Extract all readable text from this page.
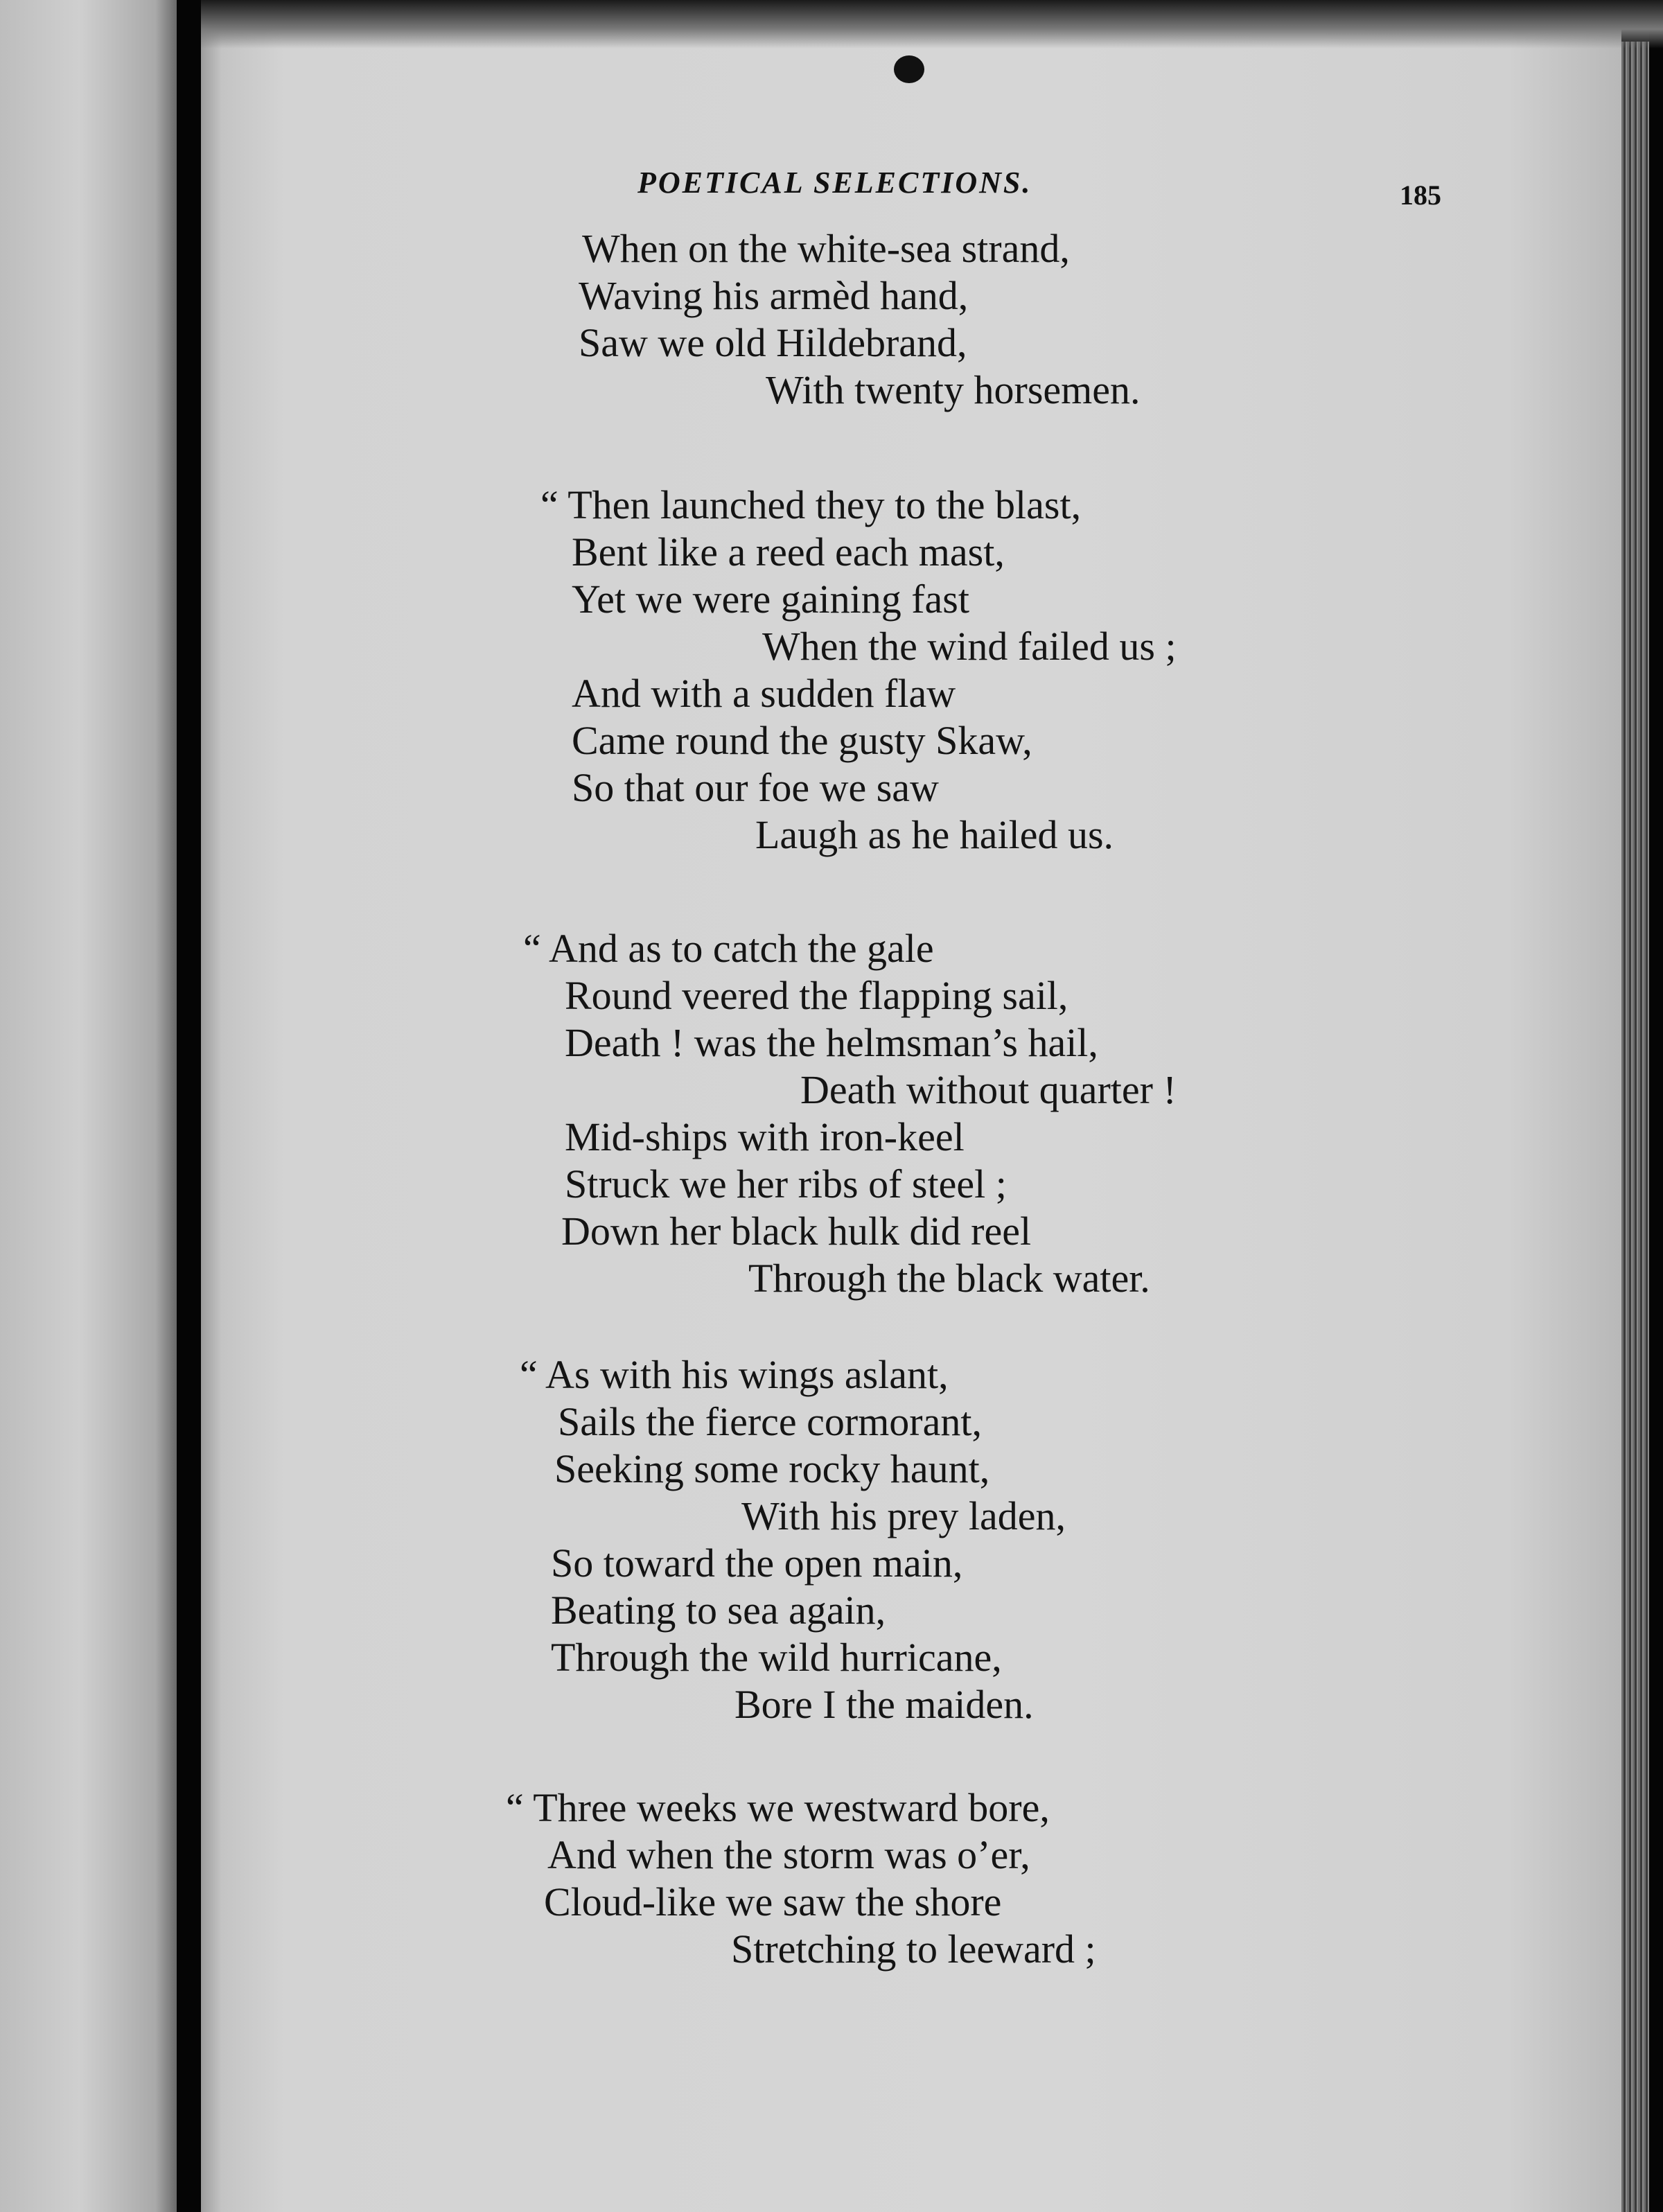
POETICAL SELECTIONS.	185
When on the white-sea strand,
Waving his armèd hand,
Saw we old Hildebrand,
With twenty horsemen.
“ Then launched they to the blast,
Bent like a reed each mast,
Yet we were gaining fast
When the wind failed us ;
And with a sudden flaw
Came round the gusty Skaw,
So that our foe we saw
Laugh as he hailed us.
“ And as to catch the gale
Round veered the flapping sail,
Death ! was the helmsman’s hail,
Death without quarter !
Mid-ships with iron-keel
Struck we her ribs of steel ;
Down her black hulk did reel
Through the black water.
“ As with his wings aslant,
Sails the fierce cormorant,
Seeking some rocky haunt,
With his prey laden,
So toward the open main,
Beating to sea again,
Through the wild hurricane,
Bore I the maiden.
“ Three weeks we westward bore,
And when the storm was o’er,
Cloud-like we saw the shore
Stretching to leeward ;
